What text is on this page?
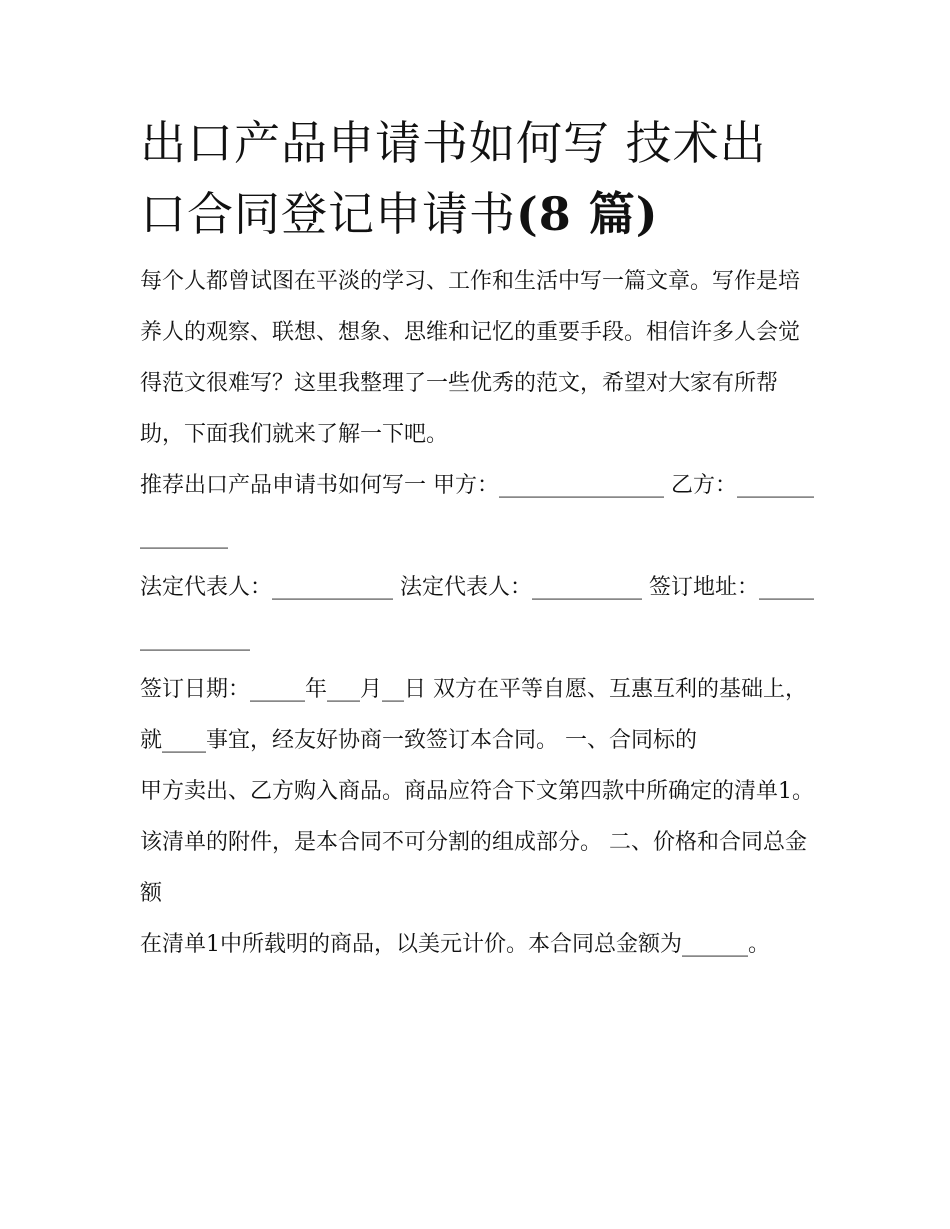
出口产品申请书如何写 技术出
口合同登记申请书(8 篇)

每个人都曾试图在平淡的学习、工作和生活中写一篇文章。写作是培养人的观察、联想、想象、思维和记忆的重要手段。相信许多人会觉得范文很难写？这里我整理了一些优秀的范文，希望对大家有所帮助，下面我们就来了解一下吧。

推荐出口产品申请书如何写一 甲方：_______________ 乙方：_______________

法定代表人：___________ 法定代表人：__________ 签订地址：_______________

签订日期：_____年___月__日 双方在平等自愿、互惠互利的基础上，就____事宜，经友好协商一致签订本合同。 一、合同标的

甲方卖出、乙方购入商品。商品应符合下文第四款中所确定的清单1。该清单的附件，是本合同不可分割的组成部分。 二、价格和合同总金额

在清单1中所载明的商品，以美元计价。本合同总金额为______。
